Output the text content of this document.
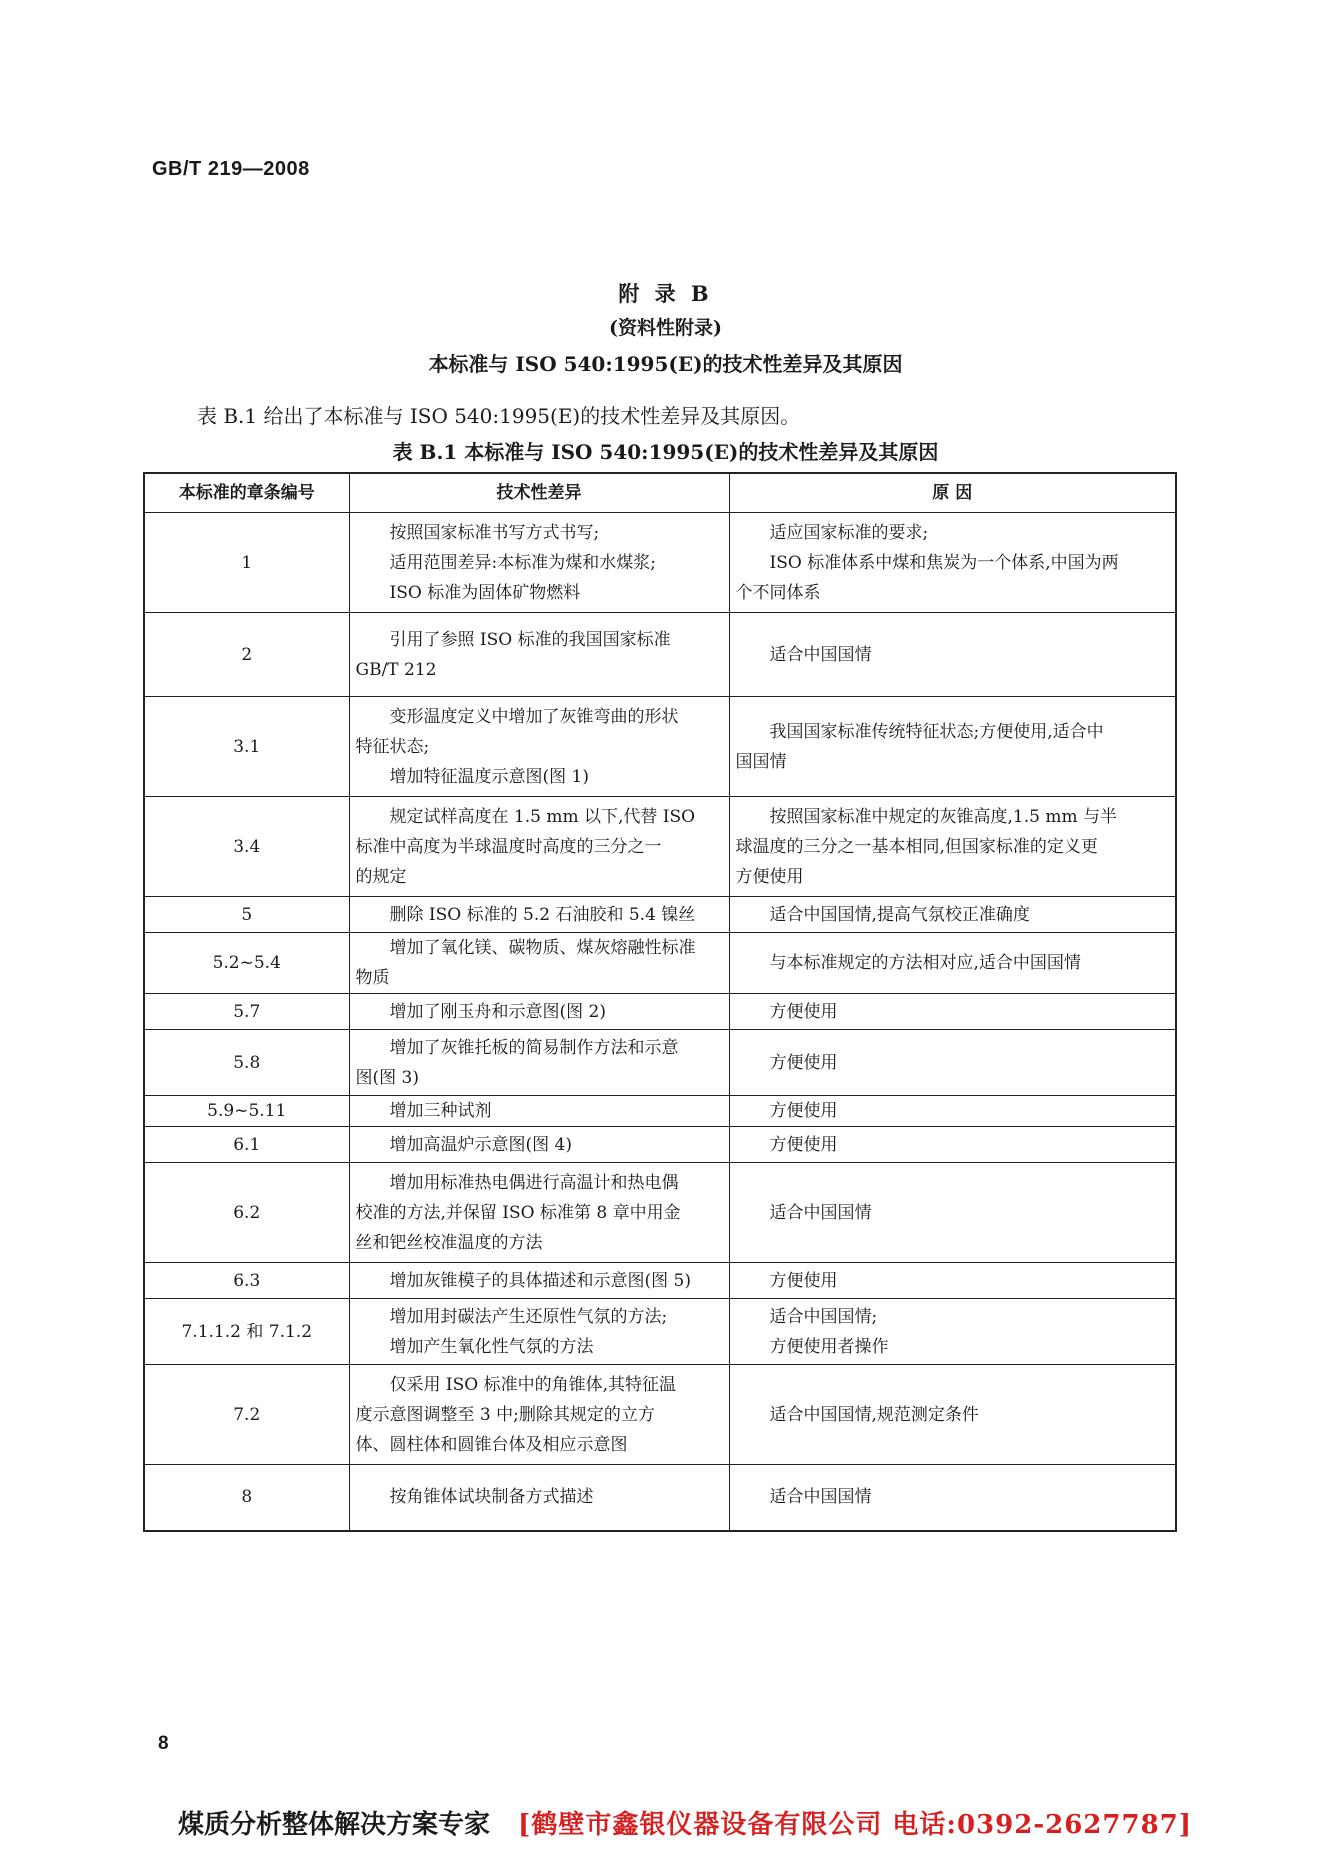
GB/T 219—2008
附 录 B
(资料性附录)
本标准与 ISO 540:1995(E)的技术性差异及其原因
表 B.1 给出了本标准与 ISO 540:1995(E)的技术性差异及其原因。
表 B.1 本标准与 ISO 540:1995(E)的技术性差异及其原因
本标准的章条编号	技术性差异	原 因
1	按照国家标准书写方式书写;
适用范围差异:本标准为煤和水煤浆;
ISO 标准为固体矿物燃料	适应国家标准的要求;
ISO 标准体系中煤和焦炭为一个体系,中国为两
个不同体系

2	引用了参照 ISO 标准的我国国家标准
GB/T 212	适合中国国情

3.1	变形温度定义中增加了灰锥弯曲的形状
特征状态;
增加特征温度示意图(图 1)	我国国家标准传统特征状态;方便使用,适合中
国国情

3.4	规定试样高度在 1.5 mm 以下,代替 ISO
标准中高度为半球温度时高度的三分之一
的规定	按照国家标准中规定的灰锥高度,1.5 mm 与半
球温度的三分之一基本相同,但国家标准的定义更
方便使用

5	删除 ISO 标准的 5.2 石油胶和 5.4 镍丝	适合中国国情,提高气氛校正准确度

5.2~5.4	增加了氧化镁、碳物质、煤灰熔融性标准
物质	与本标准规定的方法相对应,适合中国国情

5.7	增加了刚玉舟和示意图(图 2)	方便使用

5.8	增加了灰锥托板的简易制作方法和示意
图(图 3)	方便使用

5.9~5.11	增加三种试剂	方便使用

6.1	增加高温炉示意图(图 4)	方便使用

6.2	增加用标准热电偶进行高温计和热电偶
校准的方法,并保留 ISO 标准第 8 章中用金
丝和钯丝校准温度的方法	适合中国国情

6.3	增加灰锥模子的具体描述和示意图(图 5)	方便使用

7.1.1.2 和 7.1.2	增加用封碳法产生还原性气氛的方法;
增加产生氧化性气氛的方法	适合中国国情;
方便使用者操作

7.2	仅采用 ISO 标准中的角锥体,其特征温
度示意图调整至 3 中;删除其规定的立方
体、圆柱体和圆锥台体及相应示意图	适合中国国情,规范测定条件

8	按角锥体试块制备方式描述	适合中国国情
8
煤质分析整体解决方案专家 [鹤壁市鑫银仪器设备有限公司 电话:0392-2627787]
